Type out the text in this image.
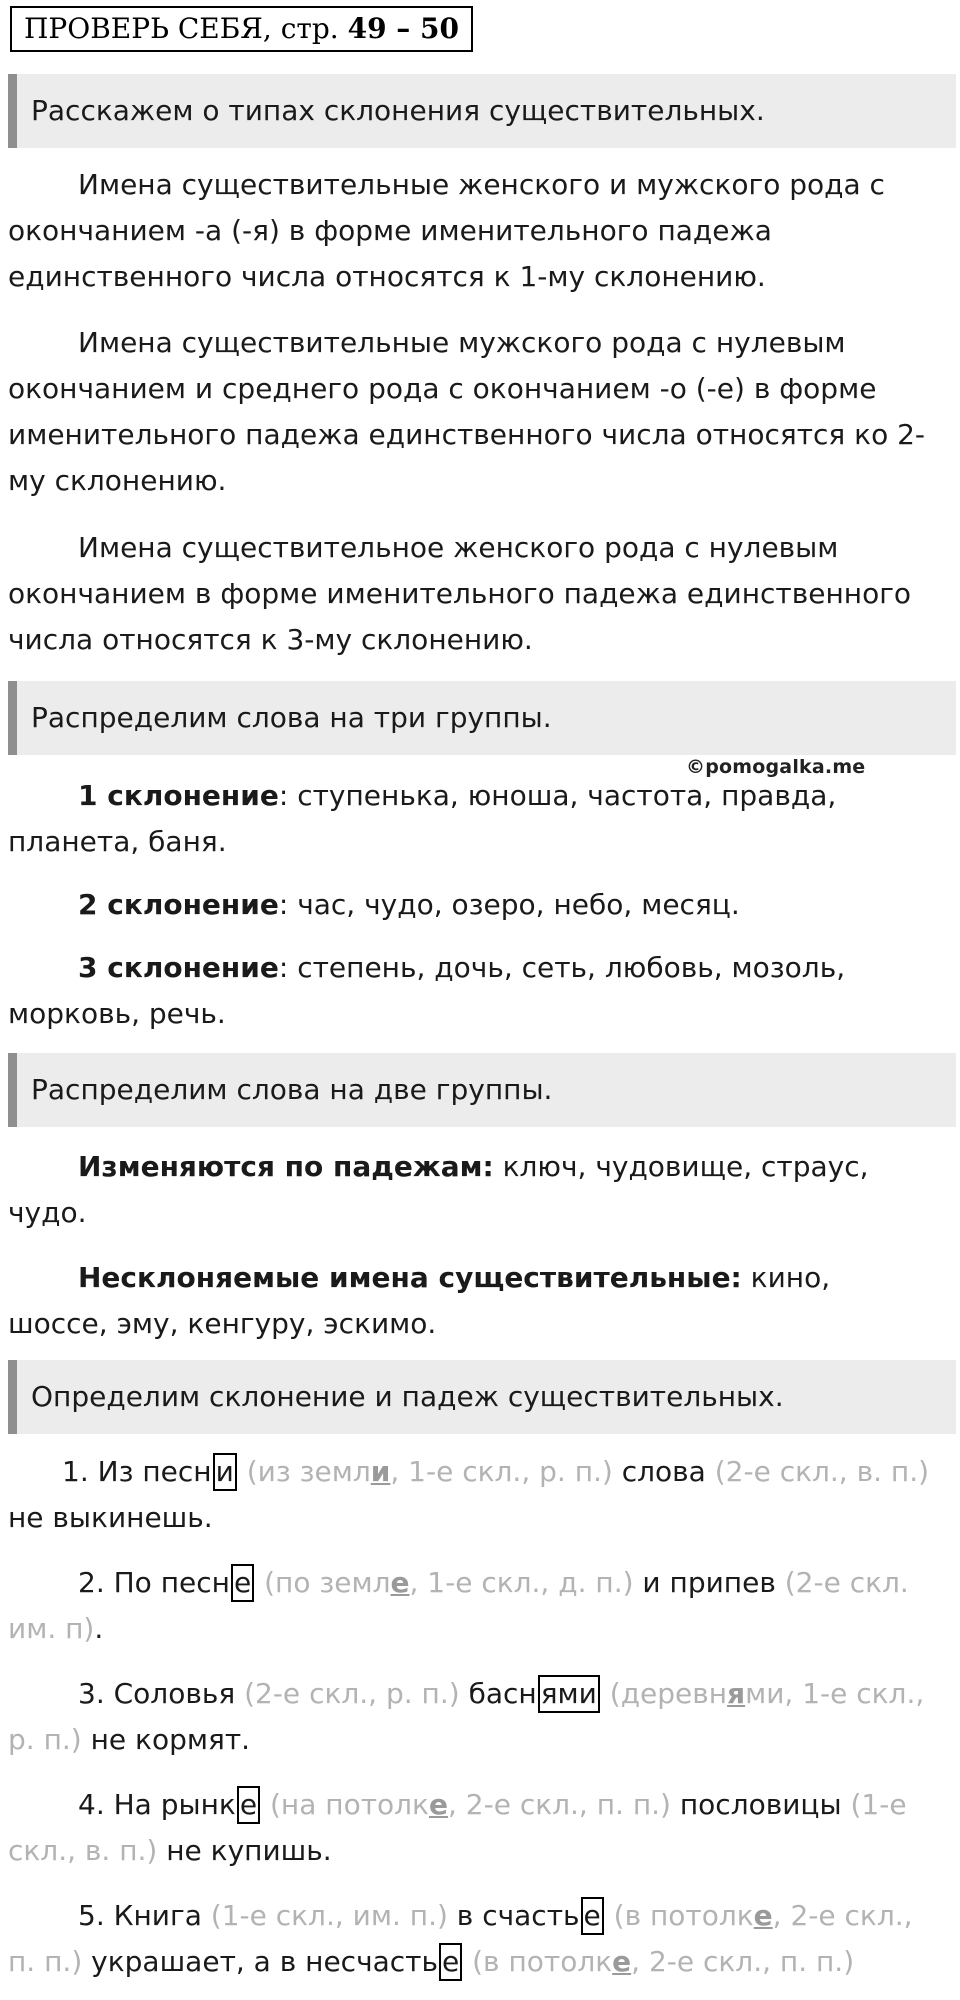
ПРОВЕРЬ СЕБЯ, стр. 49 – 50
Расскажем о типах склонения существительных.
Имена существительные женского и мужского рода с окончанием -а (-я) в форме именительного падежа единственного числа относятся к 1-му склонению.
Имена существительные мужского рода с нулевым окончанием и среднего рода с окончанием -о (-е) в форме именительного падежа единственного числа относятся ко 2-му склонению.
Имена существительное женского рода с нулевым окончанием в форме именительного падежа единственного числа относятся к 3-му склонению.
Распределим слова на три группы.
©pomogalka.me
1 склонение: ступенька, юноша, частота, правда, планета, баня.
2 склонение: час, чудо, озеро, небо, месяц.
3 склонение: степень, дочь, сеть, любовь, мозоль, морковь, речь.
Распределим слова на две группы.
Изменяются по падежам: ключ, чудовище, страус, чудо.
Несклоняемые имена существительные: кино, шоссе, эму, кенгуру, эскимо.
Определим склонение и падеж существительных.
1. Из песн и (из земли, 1-е скл., р. п.) слова (2-е скл., в. п.) не выкинешь.
2. По песн е (по земле, 1-е скл., д. п.) и припев (2-е скл. им. п).
3. Соловья (2-е скл., р. п.) басн ями (деревнями, 1-е скл., р. п.) не кормят.
4. На рынк е (на потолке, 2-е скл., п. п.) пословицы (1-е скл., в. п.) не купишь.
5. Книга (1-е скл., им. п.) в счасть е (в потолке, 2-е скл., п. п.) украшает, а в несчасть е (в потолке, 2-е скл., п. п.)
